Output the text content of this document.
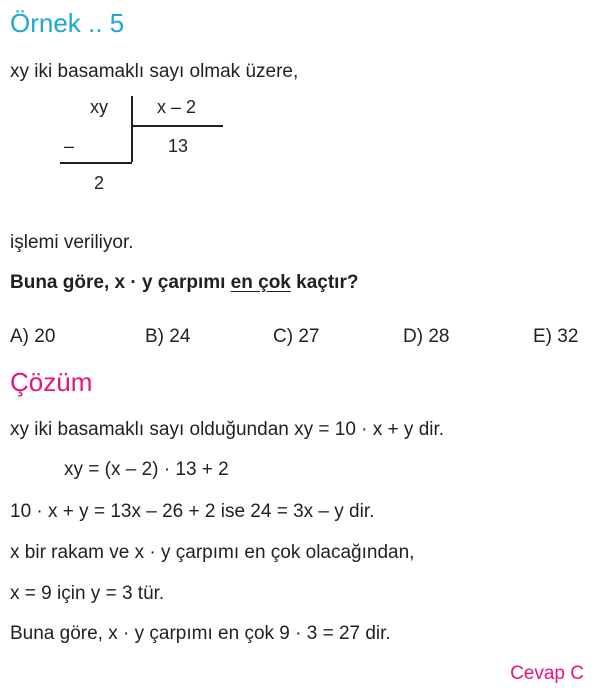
Örnek .. 5
xy iki basamaklı sayı olmak üzere,
xy	x – 2
13
–
2
işlemi veriliyor.
Buna göre, x · y çarpımı en çok kaçtır?
A) 20	B) 24	C) 27	D) 28	E) 32
Çözüm
xy iki basamaklı sayı olduğundan xy = 10 · x + y dir.
xy = (x – 2) · 13 + 2
10 · x + y = 13x – 26 + 2 ise 24 = 3x – y dir.
x bir rakam ve x · y çarpımı en çok olacağından,
x = 9 için y = 3 tür.
Buna göre, x · y çarpımı en çok 9 · 3 = 27 dir.
Cevap C
